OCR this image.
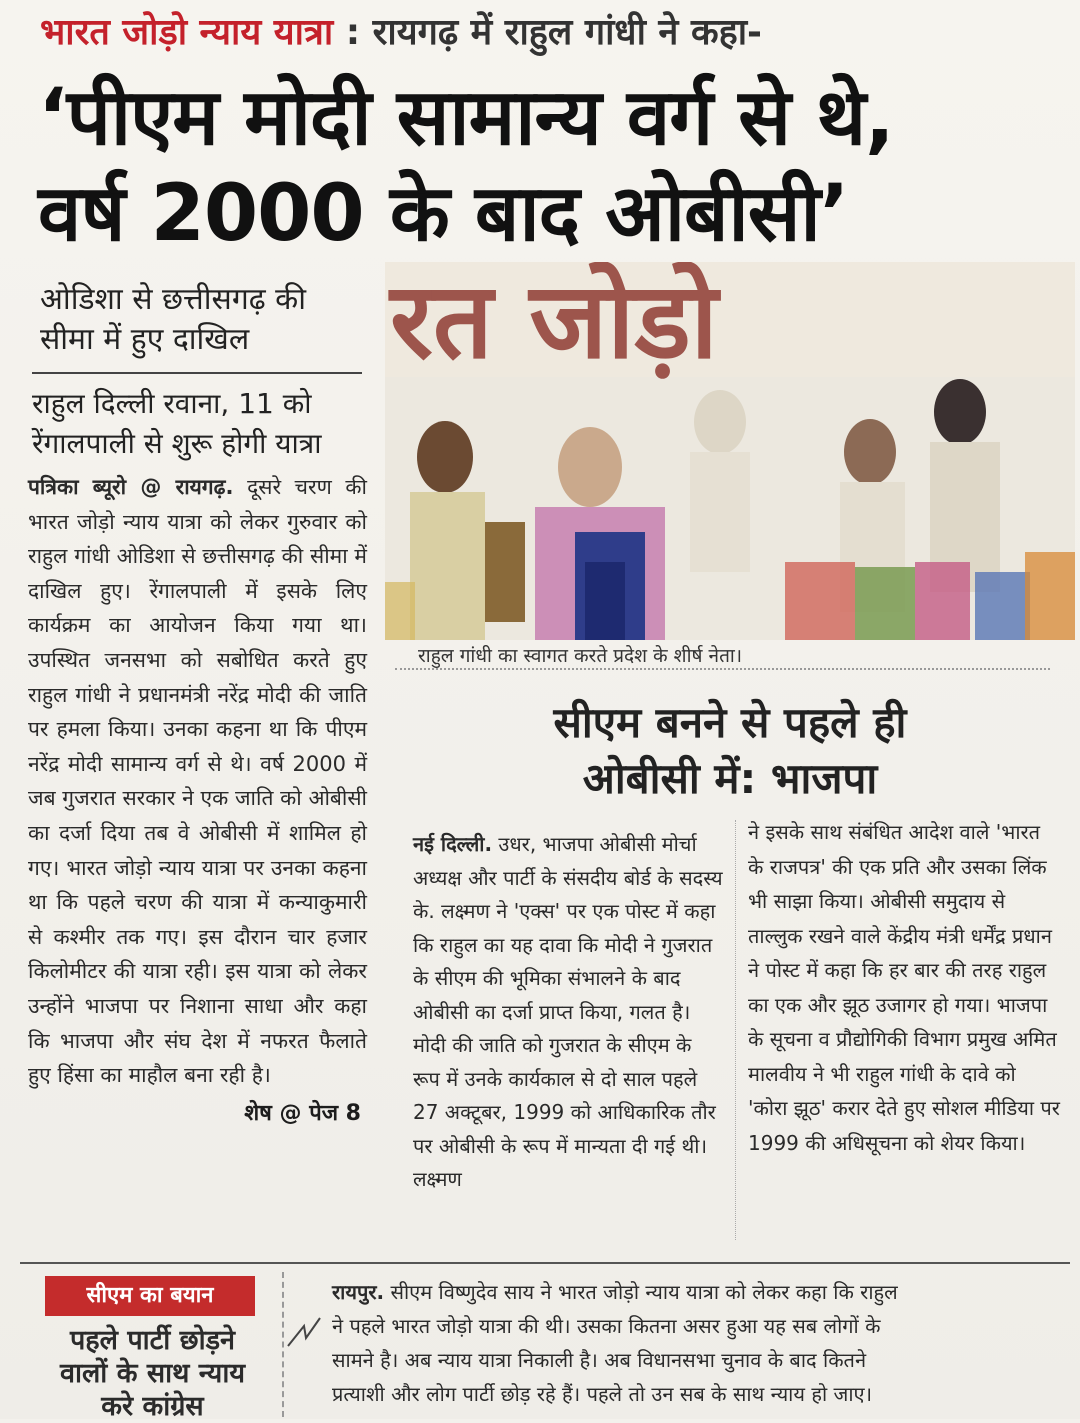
भारत जोड़ो न्याय यात्रा : रायगढ़ में राहुल गांधी ने कहा-
‘पीएम मोदी सामान्य वर्ग से थे,
वर्ष 2000 के बाद ओबीसी’
ओडिशा से छत्तीसगढ़ की
सीमा में हुए दाखिल
राहुल दिल्ली रवाना, 11 को
रेंगालपाली से शुरू होगी यात्रा
पत्रिका ब्यूरो @ रायगढ़. दूसरे चरण की भारत जोड़ो न्याय यात्रा को लेकर गुरुवार को राहुल गांधी ओडिशा से छत्तीसगढ़ की सीमा में दाखिल हुए। रेंगालपाली में इसके लिए कार्यक्रम का आयोजन किया गया था। उपस्थित जनसभा को सबोधित करते हुए राहुल गांधी ने प्रधानमंत्री नरेंद्र मोदी की जाति पर हमला किया। उनका कहना था कि पीएम नरेंद्र मोदी सामान्य वर्ग से थे। वर्ष 2000 में जब गुजरात सरकार ने एक जाति को ओबीसी का दर्जा दिया तब वे ओबीसी में शामिल हो गए। भारत जोड़ो न्याय यात्रा पर उनका कहना था कि पहले चरण की यात्रा में कन्याकुमारी से कश्मीर तक गए। इस दौरान चार हजार किलोमीटर की यात्रा रही। इस यात्रा को लेकर उन्होंने भाजपा पर निशाना साधा और कहा कि भाजपा और संघ देश में नफरत फैलाते हुए हिंसा का माहौल बना रही है।
शेष @ पेज 8
रत जोड़ो
राहुल गांधी का स्वागत करते प्रदेश के शीर्ष नेता।
सीएम बनने से पहले ही
ओबीसी में: भाजपा
नई दिल्ली. उधर, भाजपा ओबीसी मोर्चा अध्यक्ष और पार्टी के संसदीय बोर्ड के सदस्य के. लक्ष्मण ने 'एक्स' पर एक पोस्ट में कहा कि राहुल का यह दावा कि मोदी ने गुजरात के सीएम की भूमिका संभालने के बाद ओबीसी का दर्जा प्राप्त किया, गलत है। मोदी की जाति को गुजरात के सीएम के रूप में उनके कार्यकाल से दो साल पहले 27 अक्टूबर, 1999 को आधिकारिक तौर पर ओबीसी के रूप में मान्यता दी गई थी। लक्ष्मण
ने इसके साथ संबंधित आदेश वाले 'भारत के राजपत्र' की एक प्रति और उसका लिंक भी साझा किया। ओबीसी समुदाय से ताल्लुक रखने वाले केंद्रीय मंत्री धर्मेंद्र प्रधान ने पोस्ट में कहा कि हर बार की तरह राहुल का एक और झूठ उजागर हो गया। भाजपा के सूचना व प्रौद्योगिकी विभाग प्रमुख अमित मालवीय ने भी राहुल गांधी के दावे को 'कोरा झूठ' करार देते हुए सोशल मीडिया पर 1999 की अधिसूचना को शेयर किया।
सीएम का बयान
पहले पार्टी छोड़ने
वालों के साथ न्याय
करे कांग्रेस
रायपुर. सीएम विष्णुदेव साय ने भारत जोड़ो न्याय यात्रा को लेकर कहा कि राहुल
ने पहले भारत जोड़ो यात्रा की थी। उसका कितना असर हुआ यह सब लोगों के
सामने है। अब न्याय यात्रा निकाली है। अब विधानसभा चुनाव के बाद कितने
प्रत्याशी और लोग पार्टी छोड़ रहे हैं। पहले तो उन सब के साथ न्याय हो जाए।
